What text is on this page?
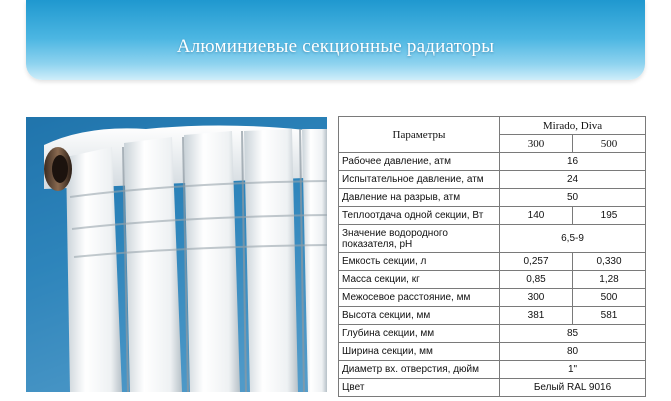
Алюминиевые секционные радиаторы
Параметры	Mirado, Diva	
	300	500
Рабочее давление, атм	16	
Испытательное давление, атм	24	
Давление на разрыв, атм	50	
Теплоотдача одной секции, Вт	140	195
Значение водородного показателя, pH	6,5-9	
Емкость секции, л	0,257	0,330
Масса секции, кг	0,85	1,28
Межосевое расстояние, мм	300	500
Высота секции, мм	381	581
Глубина секции, мм	85	
Ширина секции, мм	80	
Диаметр вх. отверстия, дюйм	1"	
Цвет	Белый RAL 9016	
